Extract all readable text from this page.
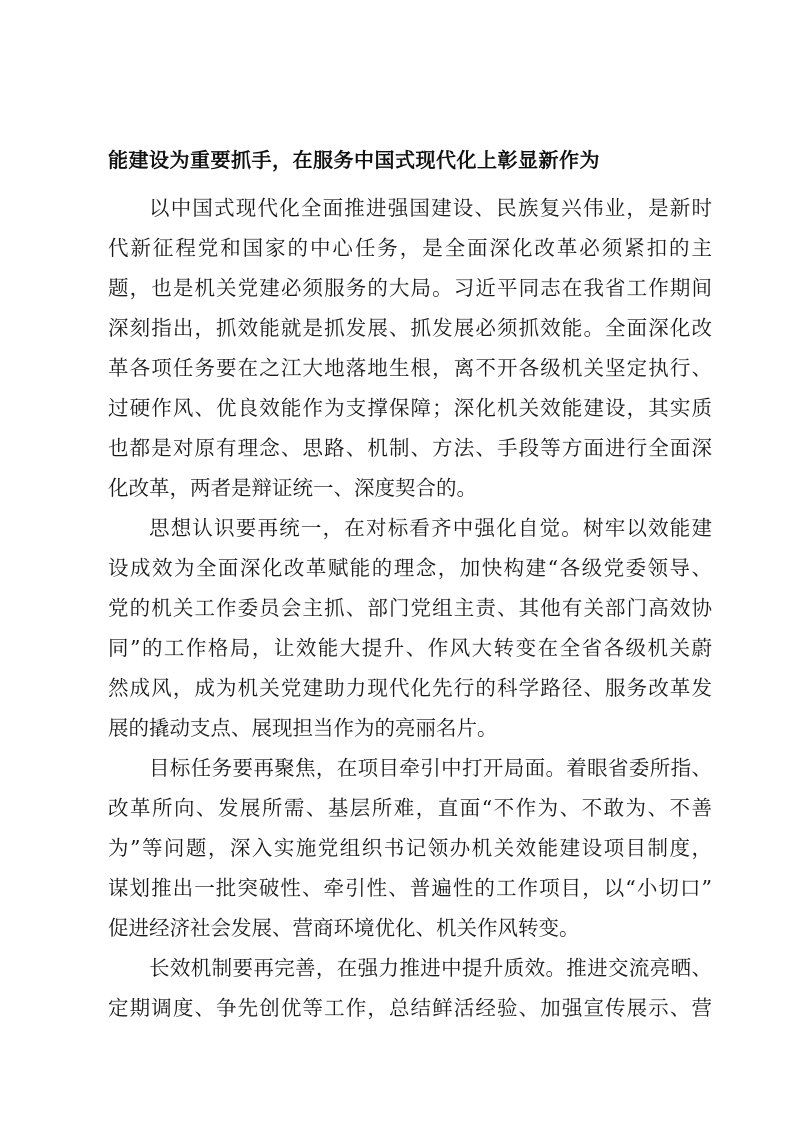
能建设为重要抓手，在服务中国式现代化上彰显新作为
以中国式现代化全面推进强国建设、民族复兴伟业，是新时
代新征程党和国家的中心任务，是全面深化改革必须紧扣的主
题，也是机关党建必须服务的大局。习近平同志在我省工作期间
深刻指出，抓效能就是抓发展、抓发展必须抓效能。全面深化改
革各项任务要在之江大地落地生根，离不开各级机关坚定执行、
过硬作风、优良效能作为支撑保障；深化机关效能建设，其实质
也都是对原有理念、思路、机制、方法、手段等方面进行全面深
化改革，两者是辩证统一、深度契合的。
思想认识要再统一，在对标看齐中强化自觉。树牢以效能建
设成效为全面深化改革赋能的理念，加快构建“各级党委领导、
党的机关工作委员会主抓、部门党组主责、其他有关部门高效协
同”的工作格局，让效能大提升、作风大转变在全省各级机关蔚
然成风，成为机关党建助力现代化先行的科学路径、服务改革发
展的撬动支点、展现担当作为的亮丽名片。
目标任务要再聚焦，在项目牵引中打开局面。着眼省委所指、
改革所向、发展所需、基层所难，直面“不作为、不敢为、不善
为”等问题，深入实施党组织书记领办机关效能建设项目制度，
谋划推出一批突破性、牵引性、普遍性的工作项目，以“小切口”
促进经济社会发展、营商环境优化、机关作风转变。
长效机制要再完善，在强力推进中提升质效。推进交流亮晒、
定期调度、争先创优等工作，总结鲜活经验、加强宣传展示、营
